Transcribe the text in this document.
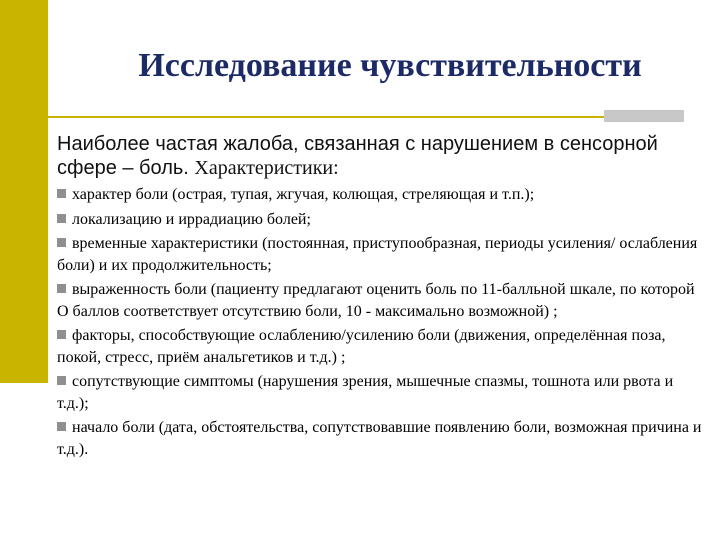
Исследование чувствительности

Наиболее частая жалоба, связанная с нарушением в сенсорной сфере – боль. Характеристики:

характер боли (острая, тупая, жгучая, колющая, стреляющая и т.п.);
локализацию и иррадиацию болей;
временные характеристики (постоянная, приступообразная, периоды усиления/ ослабления боли) и их продолжительность;
выраженность боли (пациенту предлагают оценить боль по 11-балльной шкале, по которой О баллов соответствует отсутствию боли, 10 - максимально возможной) ;
факторы, способствующие ослаблению/усилению боли (движения, определённая поза, покой, стресс, приём анальгетиков и т.д.) ;
сопутствующие симптомы (нарушения зрения, мышечные спазмы, тошнота или рвота и т.д.);
начало боли (дата, обстоятельства, сопутствовавшие появлению боли, возможная причина и т.д.).
